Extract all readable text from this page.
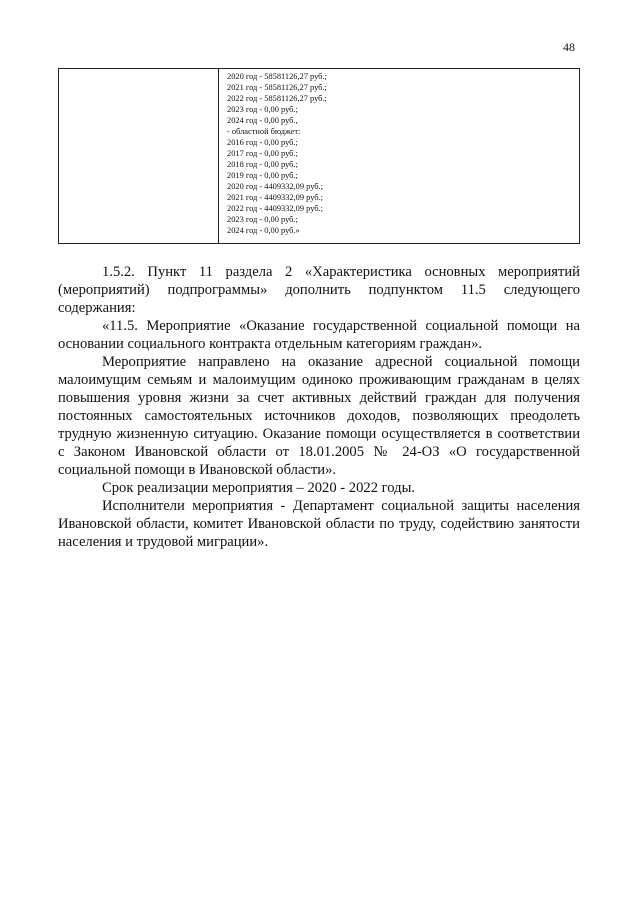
48
2020 год - 58581126,27 руб.;
2021 год - 58581126,27 руб.;
2022 год - 58581126,27 руб.;
2023 год - 0,00 руб.;
2024 год - 0,00 руб.,
- областной бюджет:
2016 год - 0,00 руб.;
2017 год - 0,00 руб.;
2018 год - 0,00 руб.;
2019 год - 0,00 руб.;
2020 год - 4409332,09 руб.;
2021 год - 4409332,09 руб.;
2022 год - 4409332,09 руб.;
2023 год - 0,00 руб.;
2024 год - 0,00 руб.»

1.5.2. Пункт 11 раздела 2 «Характеристика основных мероприятий (мероприятий) подпрограммы» дополнить подпунктом 11.5 следующего содержания:

«11.5. Мероприятие «Оказание государственной социальной помощи на основании социального контракта отдельным категориям граждан».

Мероприятие направлено на оказание адресной социальной помощи малоимущим семьям и малоимущим одиноко проживающим гражданам в целях повышения уровня жизни за счет активных действий граждан для получения постоянных самостоятельных источников доходов, позволяющих преодолеть трудную жизненную ситуацию. Оказание помощи осуществляется в соответствии с Законом Ивановской области от 18.01.2005 № 24-ОЗ «О государственной социальной помощи в Ивановской области».

Срок реализации мероприятия – 2020 - 2022 годы.

Исполнители мероприятия - Департамент социальной защиты населения Ивановской области, комитет Ивановской области по труду, содействию занятости населения и трудовой миграции».
